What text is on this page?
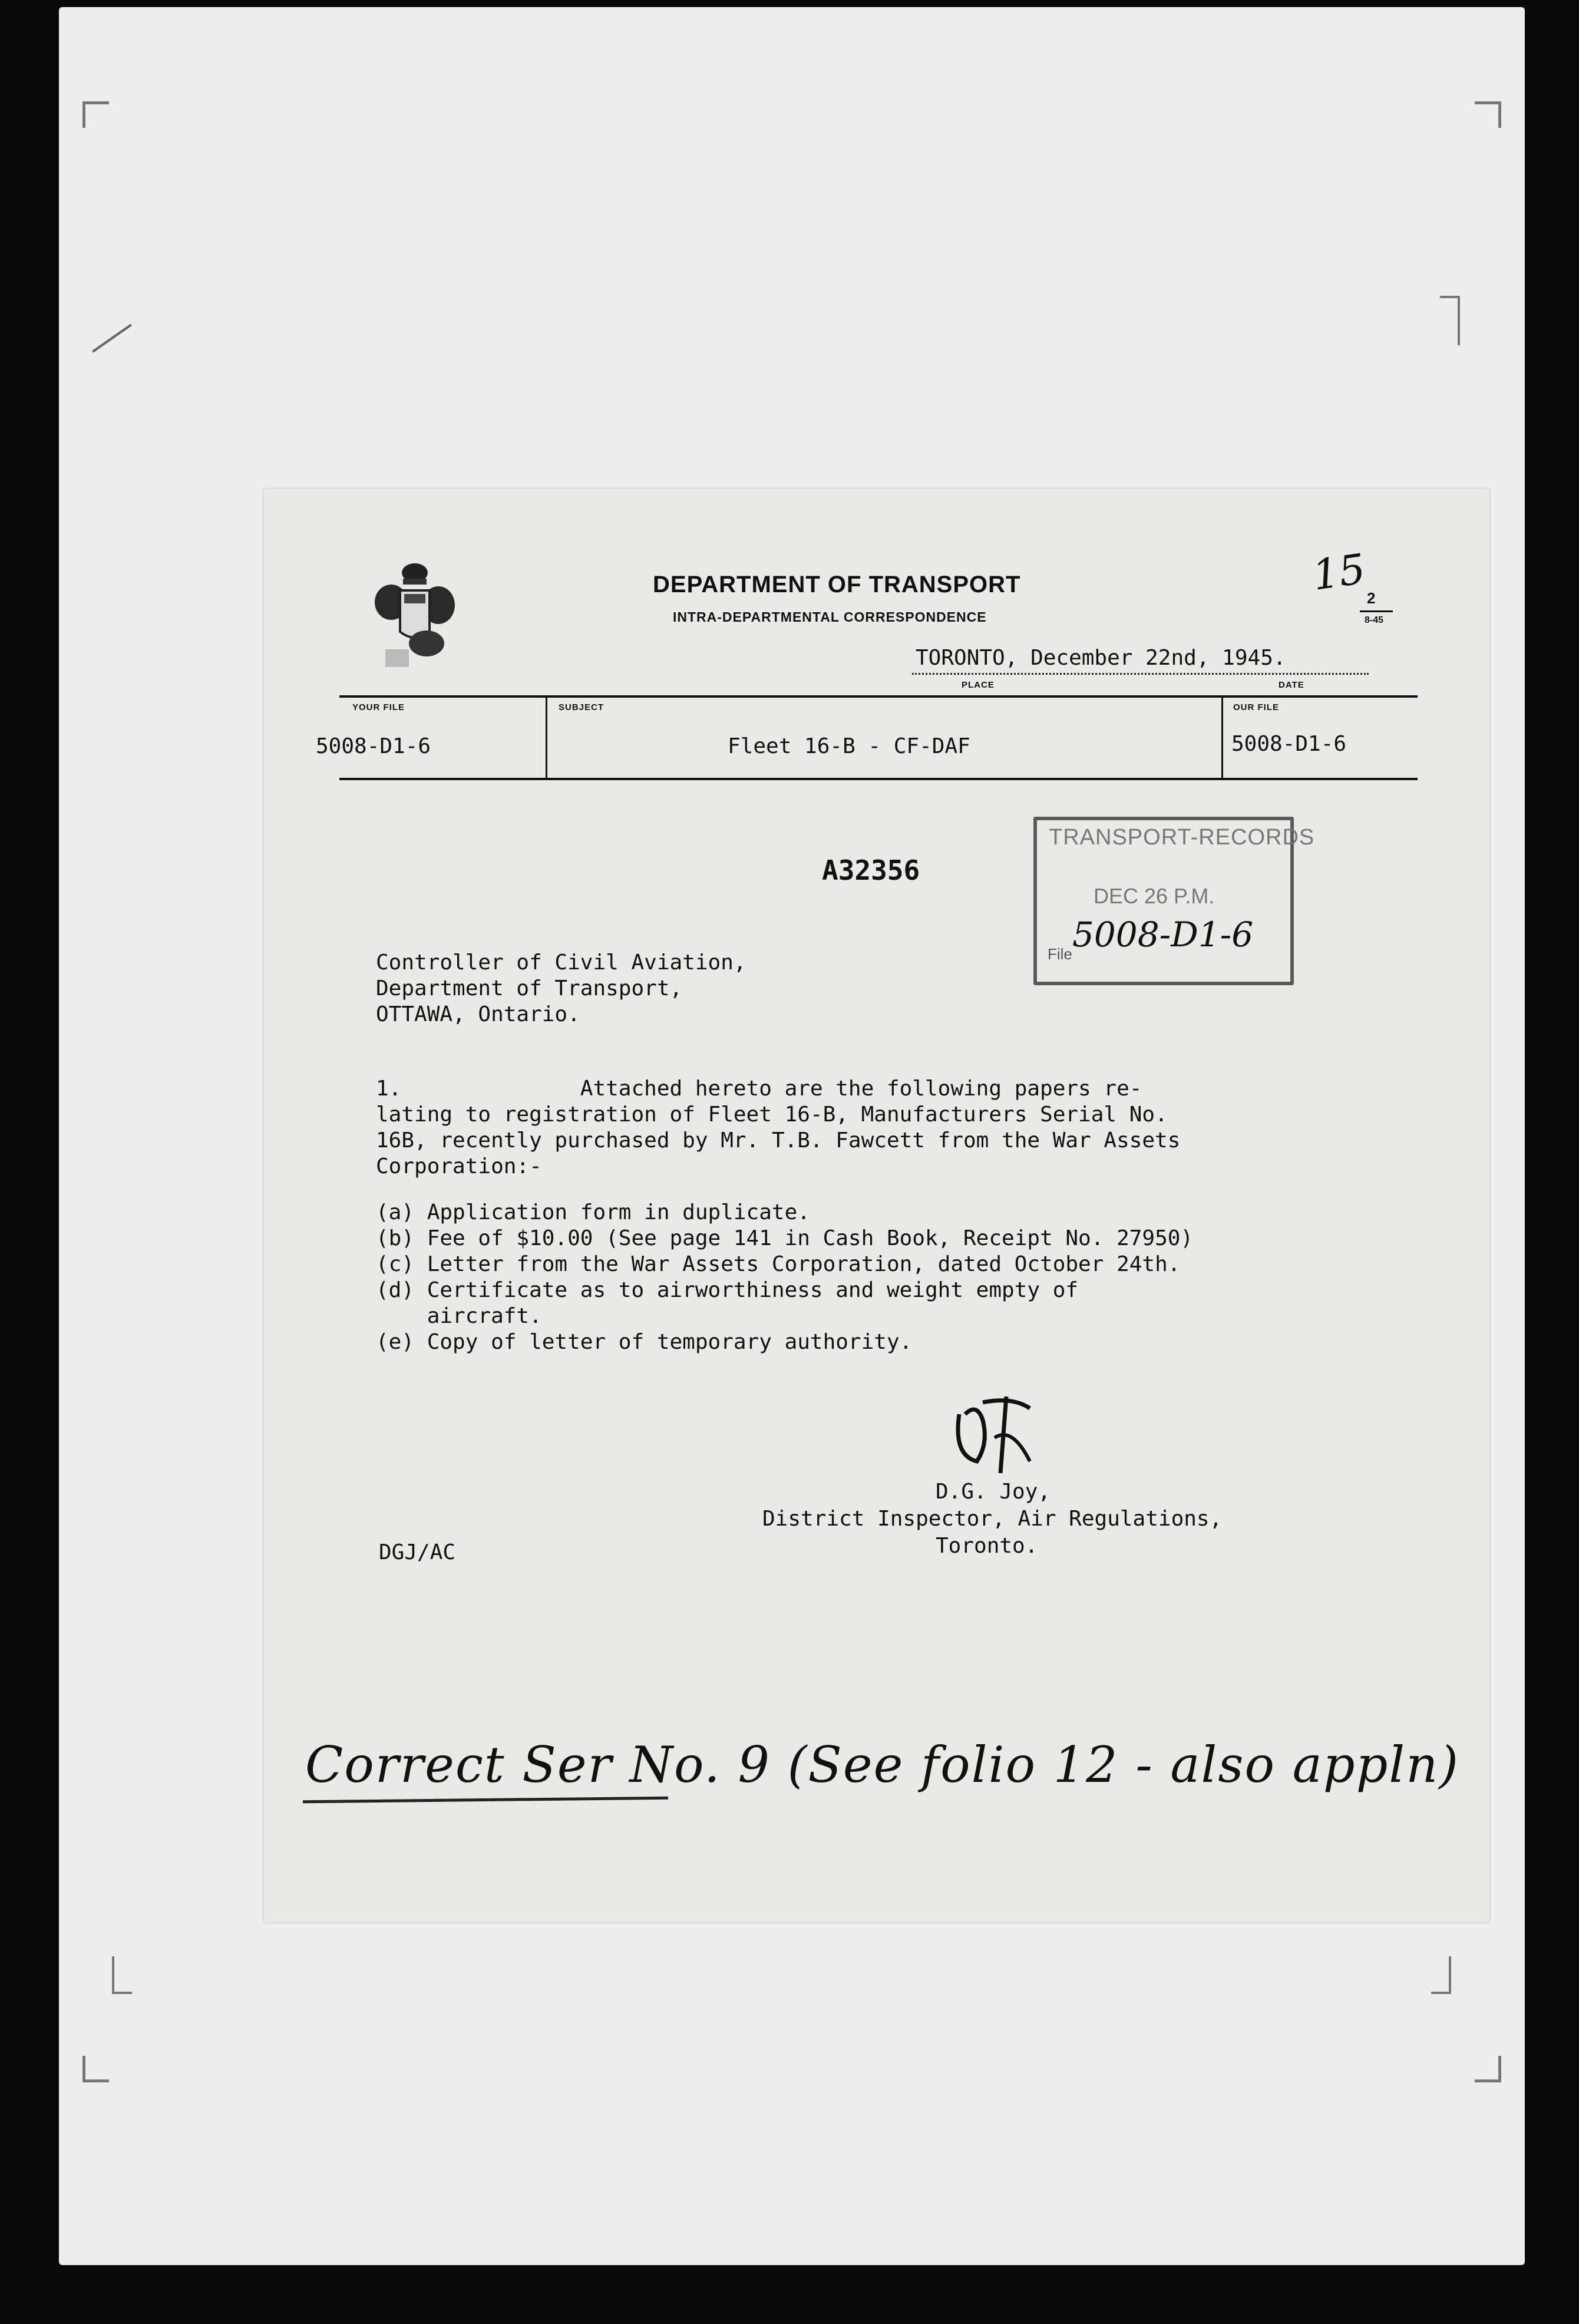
DEPARTMENT OF TRANSPORT
INTRA-DEPARTMENTAL CORRESPONDENCE
15
2
8-45
TORONTO, December 22nd, 1945.
PLACE	DATE
YOUR FILE	SUBJECT	OUR FILE
5008-D1-6	Fleet 16-B - CF-DAF	5008-D1-6
A32356
TRANSPORT-RECORDS
DEC 26 P.M.
File 5008-D1-6
Controller of Civil Aviation,
Department of Transport,
OTTAWA, Ontario.
1.              Attached hereto are the following papers re-
lating to registration of Fleet 16-B, Manufacturers Serial No.
16B, recently purchased by Mr. T.B. Fawcett from the War Assets
Corporation:-
(a) Application form in duplicate.
(b) Fee of $10.00 (See page 141 in Cash Book, Receipt No. 27950)
(c) Letter from the War Assets Corporation, dated October 24th.
(d) Certificate as to airworthiness and weight empty of
aircraft.
(e) Copy of letter of temporary authority.
D.G. Joy,
District Inspector, Air Regulations,
Toronto.
DGJ/AC
Correct Ser No. 9 (See folio 12 - also appln)
